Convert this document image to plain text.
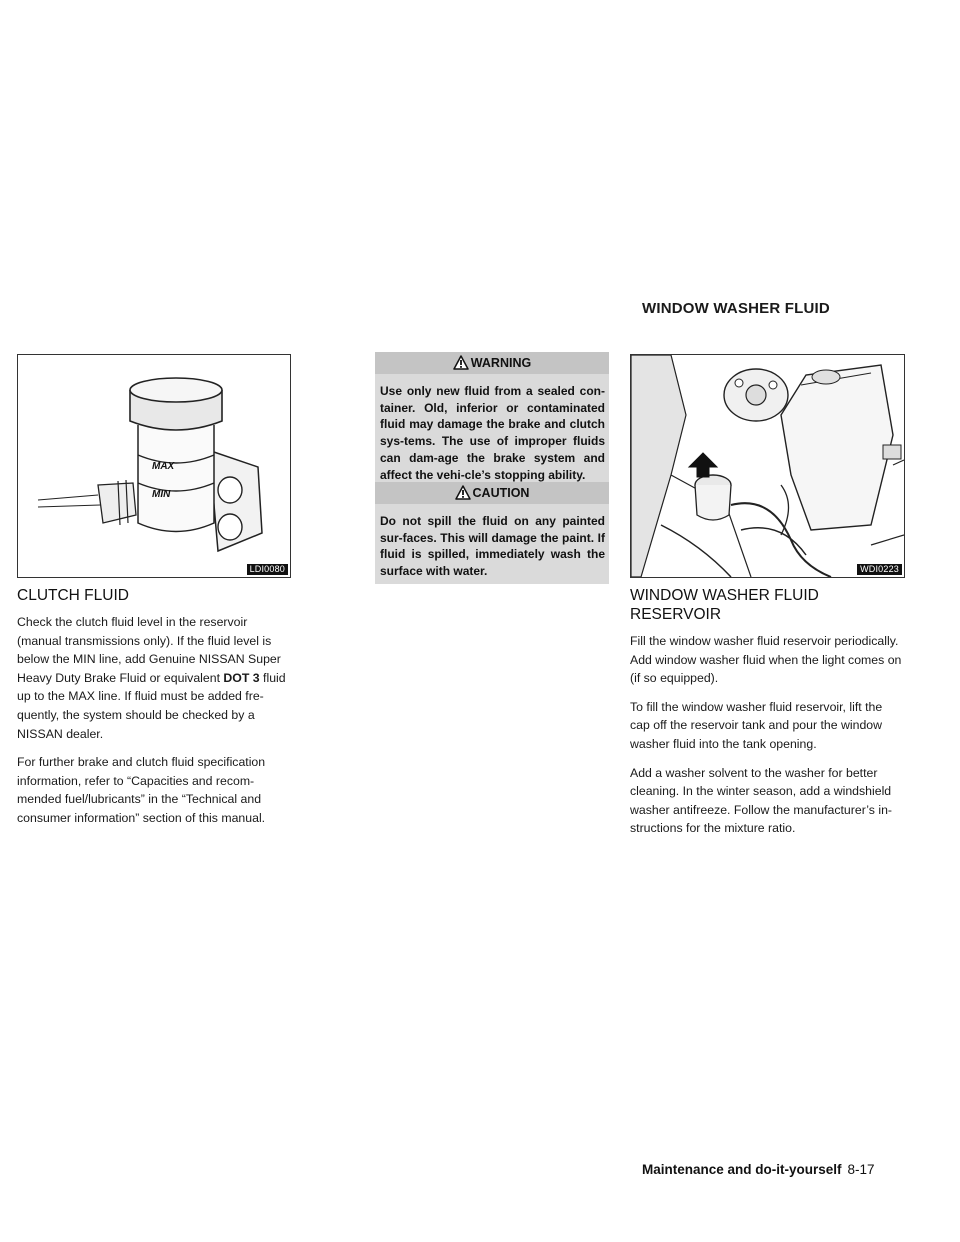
WINDOW WASHER FLUID
MAX
MIN
LDI0080
CLUTCH FLUID

Check the clutch fluid level in the reservoir (manual transmissions only). If the fluid level is below the MIN line, add Genuine NISSAN Super Heavy Duty Brake Fluid or equivalent DOT 3 fluid up to the MAX line. If fluid must be added fre-quently, the system should be checked by a NISSAN dealer.

For further brake and clutch fluid specification information, refer to “Capacities and recom-mended fuel/lubricants” in the “Technical and consumer information” section of this manual.

WARNING
Use only new fluid from a sealed con-tainer. Old, inferior or contaminated fluid may damage the brake and clutch sys-tems. The use of improper fluids can dam-age the brake system and affect the vehi-cle’s stopping ability.
CAUTION
Do not spill the fluid on any painted sur-faces. This will damage the paint. If fluid is spilled, immediately wash the surface with water.	WDI0223
WINDOW WASHER FLUID
RESERVOIR

Fill the window washer fluid reservoir periodically. Add window washer fluid when the light comes on (if so equipped).

To fill the window washer fluid reservoir, lift the cap off the reservoir tank and pour the window washer fluid into the tank opening.

Add a washer solvent to the washer for better cleaning. In the winter season, add a windshield washer antifreeze. Follow the manufacturer’s in-structions for the mixture ratio.

Maintenance and do-it-yourself 8-17
